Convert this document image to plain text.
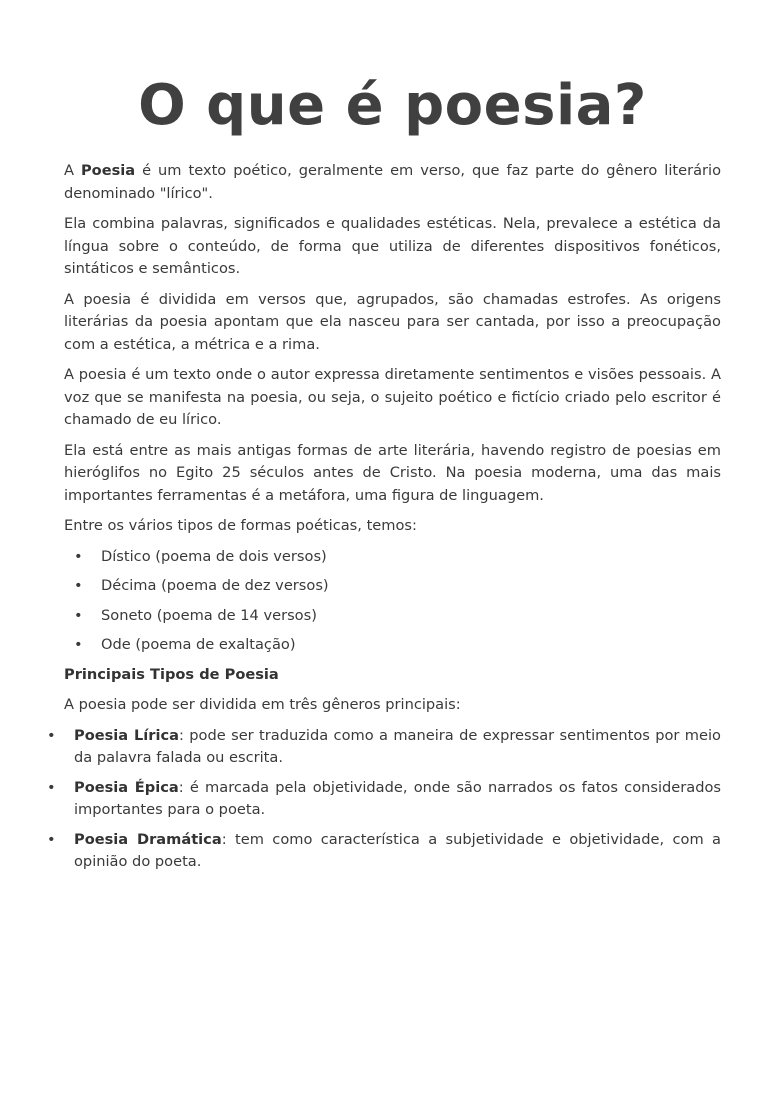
O que é poesia?

A Poesia é um texto poético, geralmente em verso, que faz parte do gênero literário denominado "lírico".

Ela combina palavras, significados e qualidades estéticas. Nela, prevalece a estética da língua sobre o conteúdo, de forma que utiliza de diferentes dispositivos fonéticos, sintáticos e semânticos.

A poesia é dividida em versos que, agrupados, são chamadas estrofes. As origens literárias da poesia apontam que ela nasceu para ser cantada, por isso a preocupação com a estética, a métrica e a rima.

A poesia é um texto onde o autor expressa diretamente sentimentos e visões pessoais. A voz que se manifesta na poesia, ou seja, o sujeito poético e fictício criado pelo escritor é chamado de eu lírico.

Ela está entre as mais antigas formas de arte literária, havendo registro de poesias em hieróglifos no Egito 25 séculos antes de Cristo. Na poesia moderna, uma das mais importantes ferramentas é a metáfora, uma figura de linguagem.

Entre os vários tipos de formas poéticas, temos:

• Dístico (poema de dois versos)
• Décima (poema de dez versos)
• Soneto (poema de 14 versos)
• Ode (poema de exaltação)
Principais Tipos de Poesia

A poesia pode ser dividida em três gêneros principais:

• Poesia Lírica: pode ser traduzida como a maneira de expressar sentimentos por meio da palavra falada ou escrita.
• Poesia Épica: é marcada pela objetividade, onde são narrados os fatos considerados importantes para o poeta.
• Poesia Dramática: tem como característica a subjetividade e objetividade, com a opinião do poeta.
